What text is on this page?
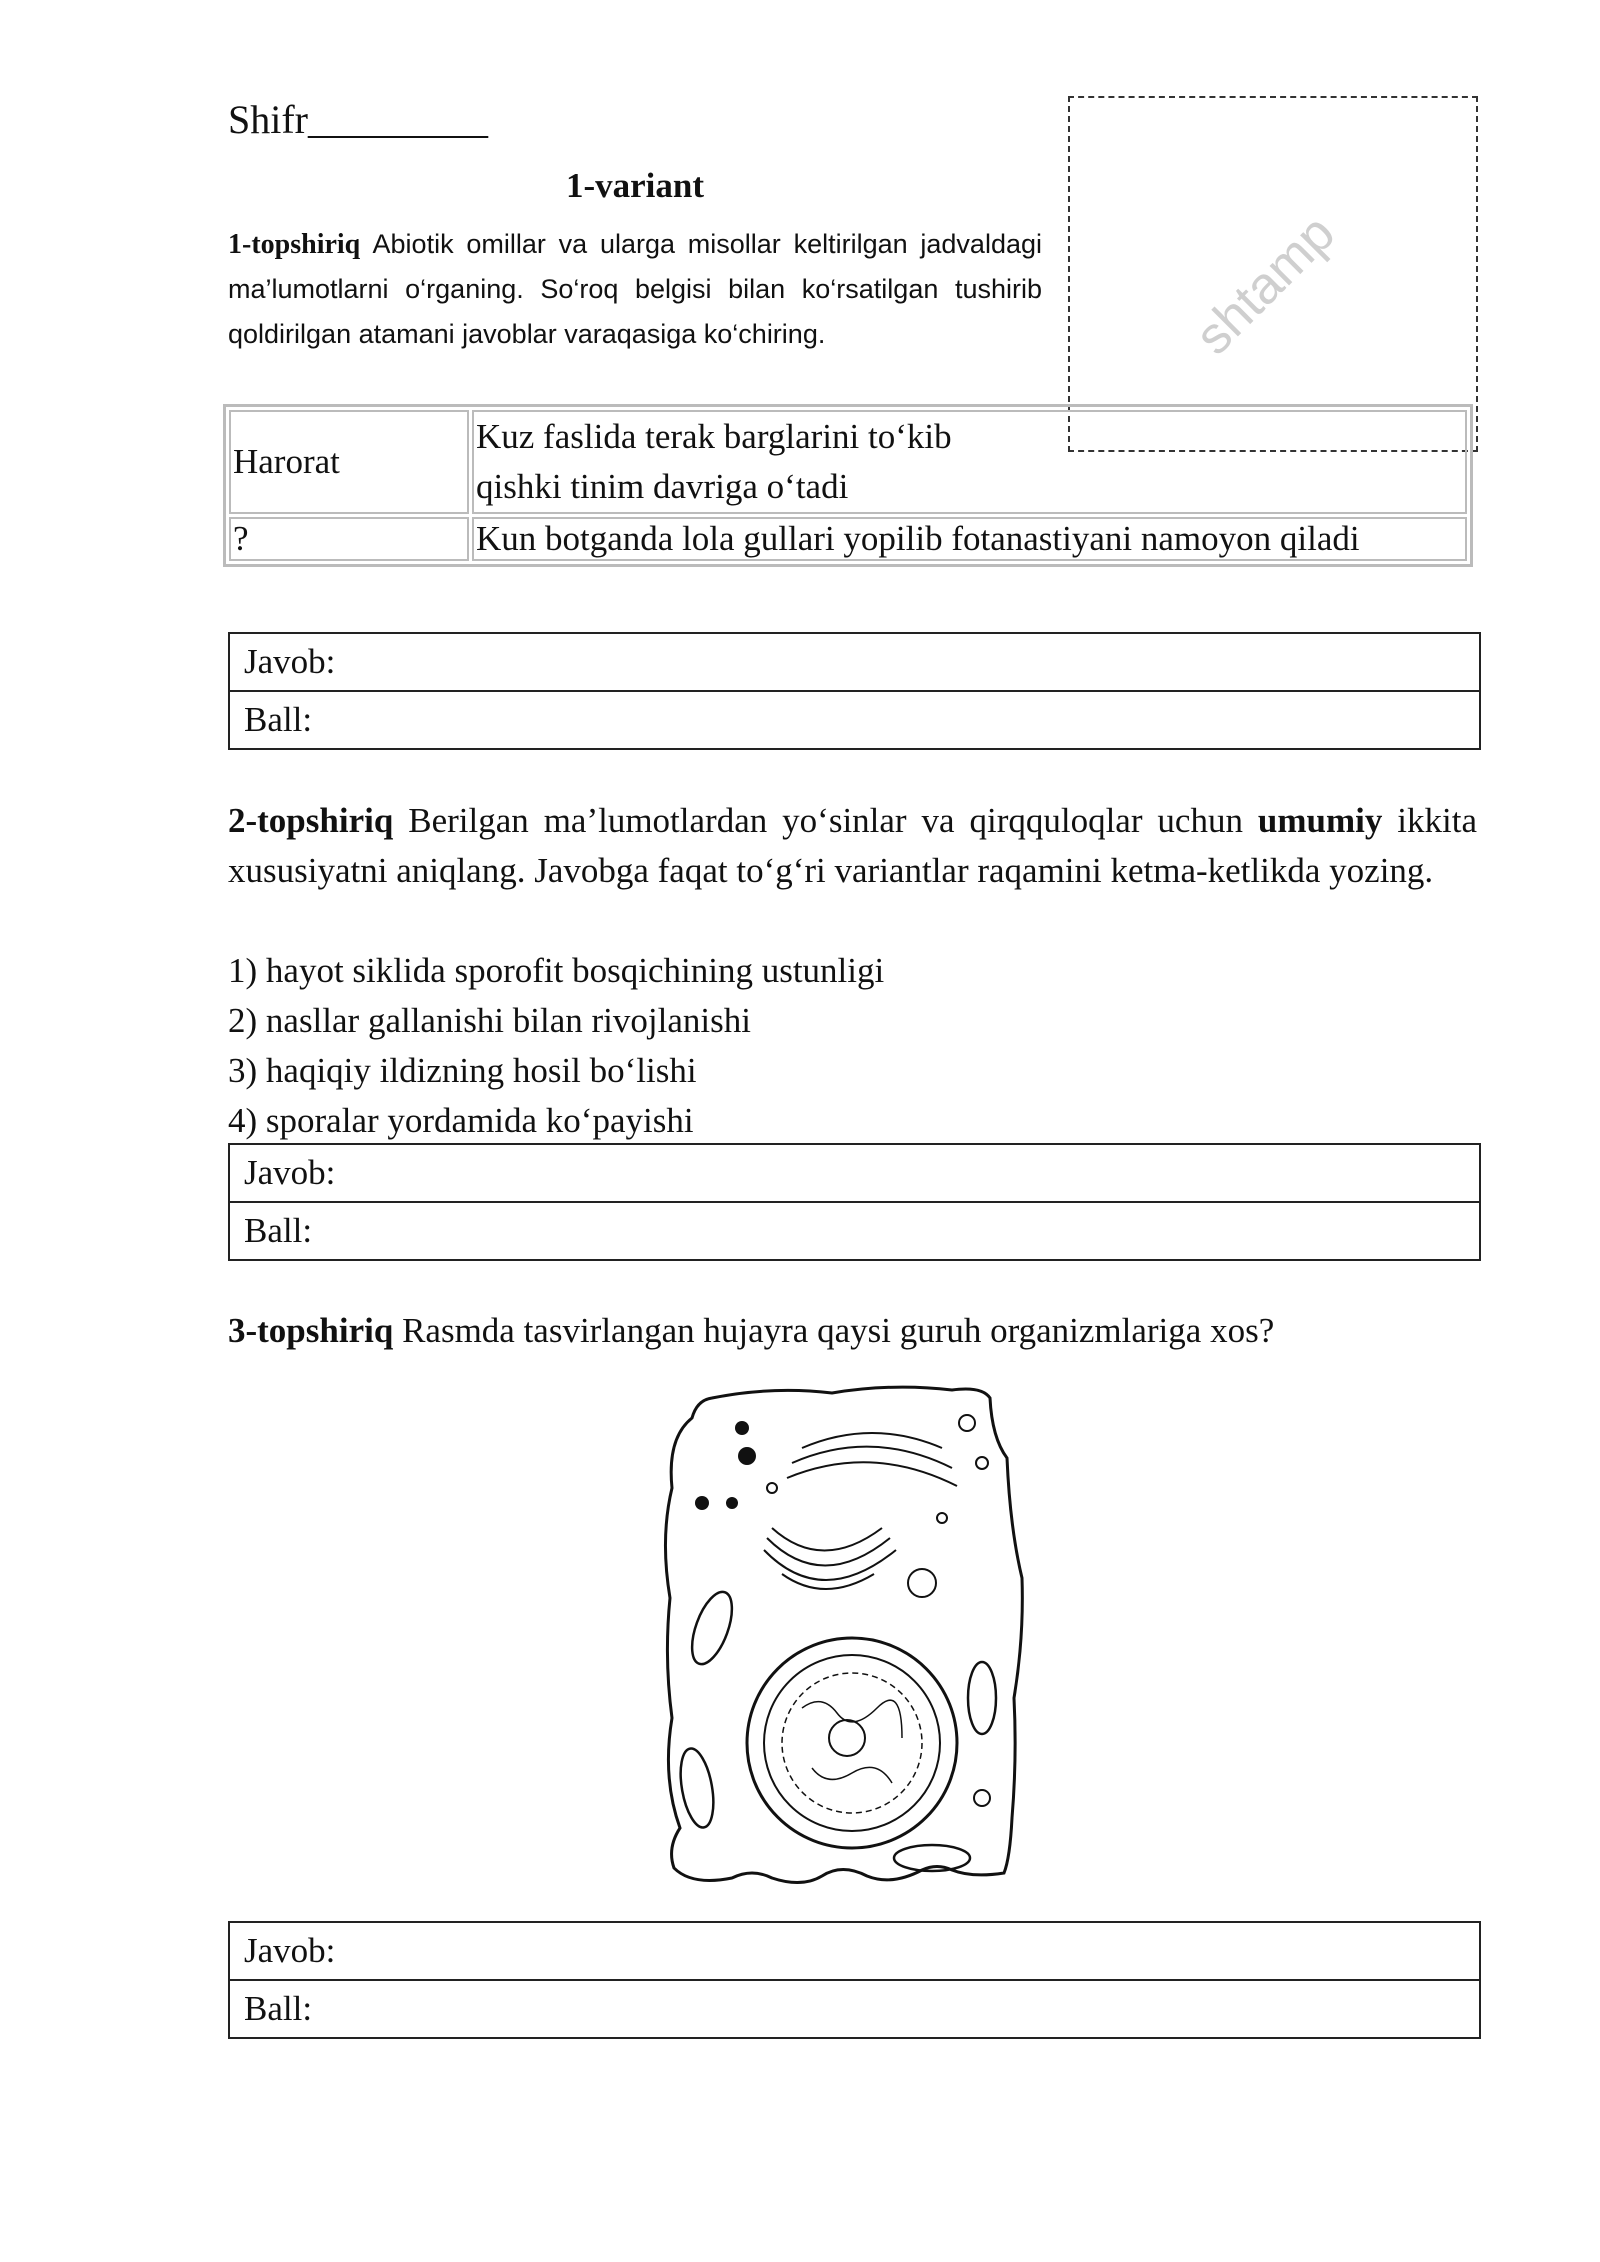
Shifr_________
1-variant
shtamp
1-topshiriq Abiotik omillar va ularga misollar keltirilgan jadvaldagi ma’lumotlarni o‘rganing. So‘roq belgisi bilan ko‘rsatilgan tushirib qoldirilgan atamani javoblar varaqasiga ko‘chiring.
Harorat	Kuz faslida terak barglarini to‘kib
qishki tinim davriga o‘tadi

?	Kun botganda lola gullari yopilib fotanastiyani namoyon qiladi
Javob:
Ball:
2-topshiriq Berilgan ma’lumotlardan yo‘sinlar va qirqquloqlar uchun umumiy ikkita xususiyatni aniqlang. Javobga faqat to‘g‘ri variantlar raqamini ketma-ketlikda yozing.
1) hayot siklida sporofit bosqichining ustunligi
2) nasllar gallanishi bilan rivojlanishi
3) haqiqiy ildizning hosil bo‘lishi
4) sporalar yordamida ko‘payishi
Javob:
Ball:
3-topshiriq Rasmda tasvirlangan hujayra qaysi guruh organizmlariga xos?
Javob:
Ball:
